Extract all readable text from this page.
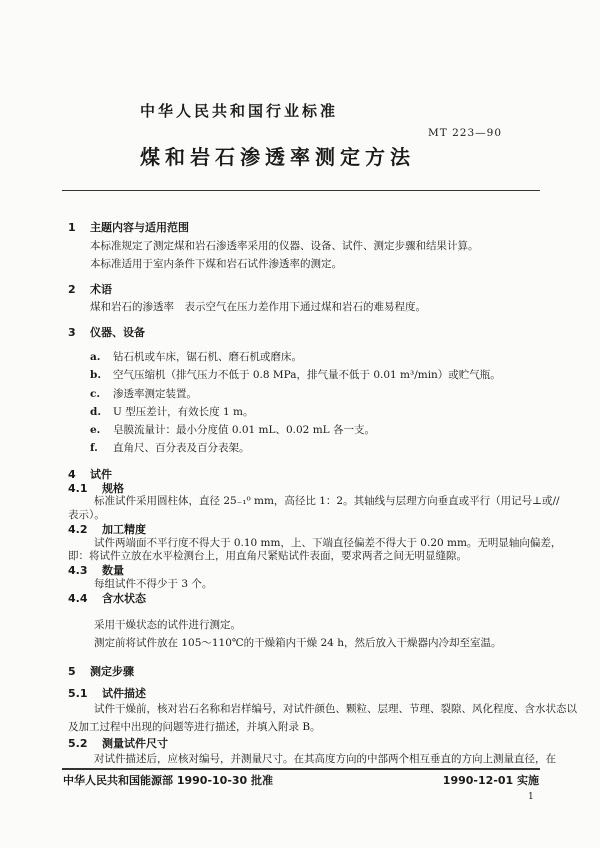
中华人民共和国行业标准
MT 223—90
煤和岩石渗透率测定方法
1 主题内容与适用范围
本标准规定了测定煤和岩石渗透率采用的仪器、设备、试件、测定步骤和结果计算。
本标准适用于室内条件下煤和岩石试件渗透率的测定。
2 术语
煤和岩石的渗透率　表示空气在压力差作用下通过煤和岩石的难易程度。
3 仪器、设备
a. 钻石机或车床，锯石机、磨石机或磨床。
b. 空气压缩机（排气压力不低于 0.8 MPa，排气量不低于 0.01 m³/min）或贮气瓶。
c. 渗透率测定装置。
d. U 型压差计，有效长度 1 m。
e. 皂膜流量计：最小分度值 0.01 mL、0.02 mL 各一支。
f. 直角尺、百分表及百分表架。
4 试件
4.1 规格
标准试件采用圆柱体，直径 25₋₁⁰ mm，高径比 1：2。其轴线与层理方向垂直或平行（用记号⊥或//
表示）。
4.2 加工精度
试件两端面不平行度不得大于 0.10 mm，上、下端直径偏差不得大于 0.20 mm。无明显轴向偏差，
即：将试件立放在水平检测台上，用直角尺紧贴试件表面，要求两者之间无明显缝隙。
4.3 数量
每组试件不得少于 3 个。
4.4 含水状态
采用干燥状态的试件进行测定。
测定前将试件放在 105～110℃的干燥箱内干燥 24 h，然后放入干燥器内冷却至室温。
5 测定步骤
5.1 试件描述
试件干燥前，核对岩石名称和岩样编号，对试件颜色、颗粒、层理、节理、裂隙、风化程度、含水状态以
及加工过程中出现的问题等进行描述，并填入附录 B。
5.2 测量试件尺寸
对试件描述后，应核对编号，并测量尺寸。在其高度方向的中部两个相互垂直的方向上测量直径，在
中华人民共和国能源部 1990-10-30 批准	1990-12-01 实施
1
